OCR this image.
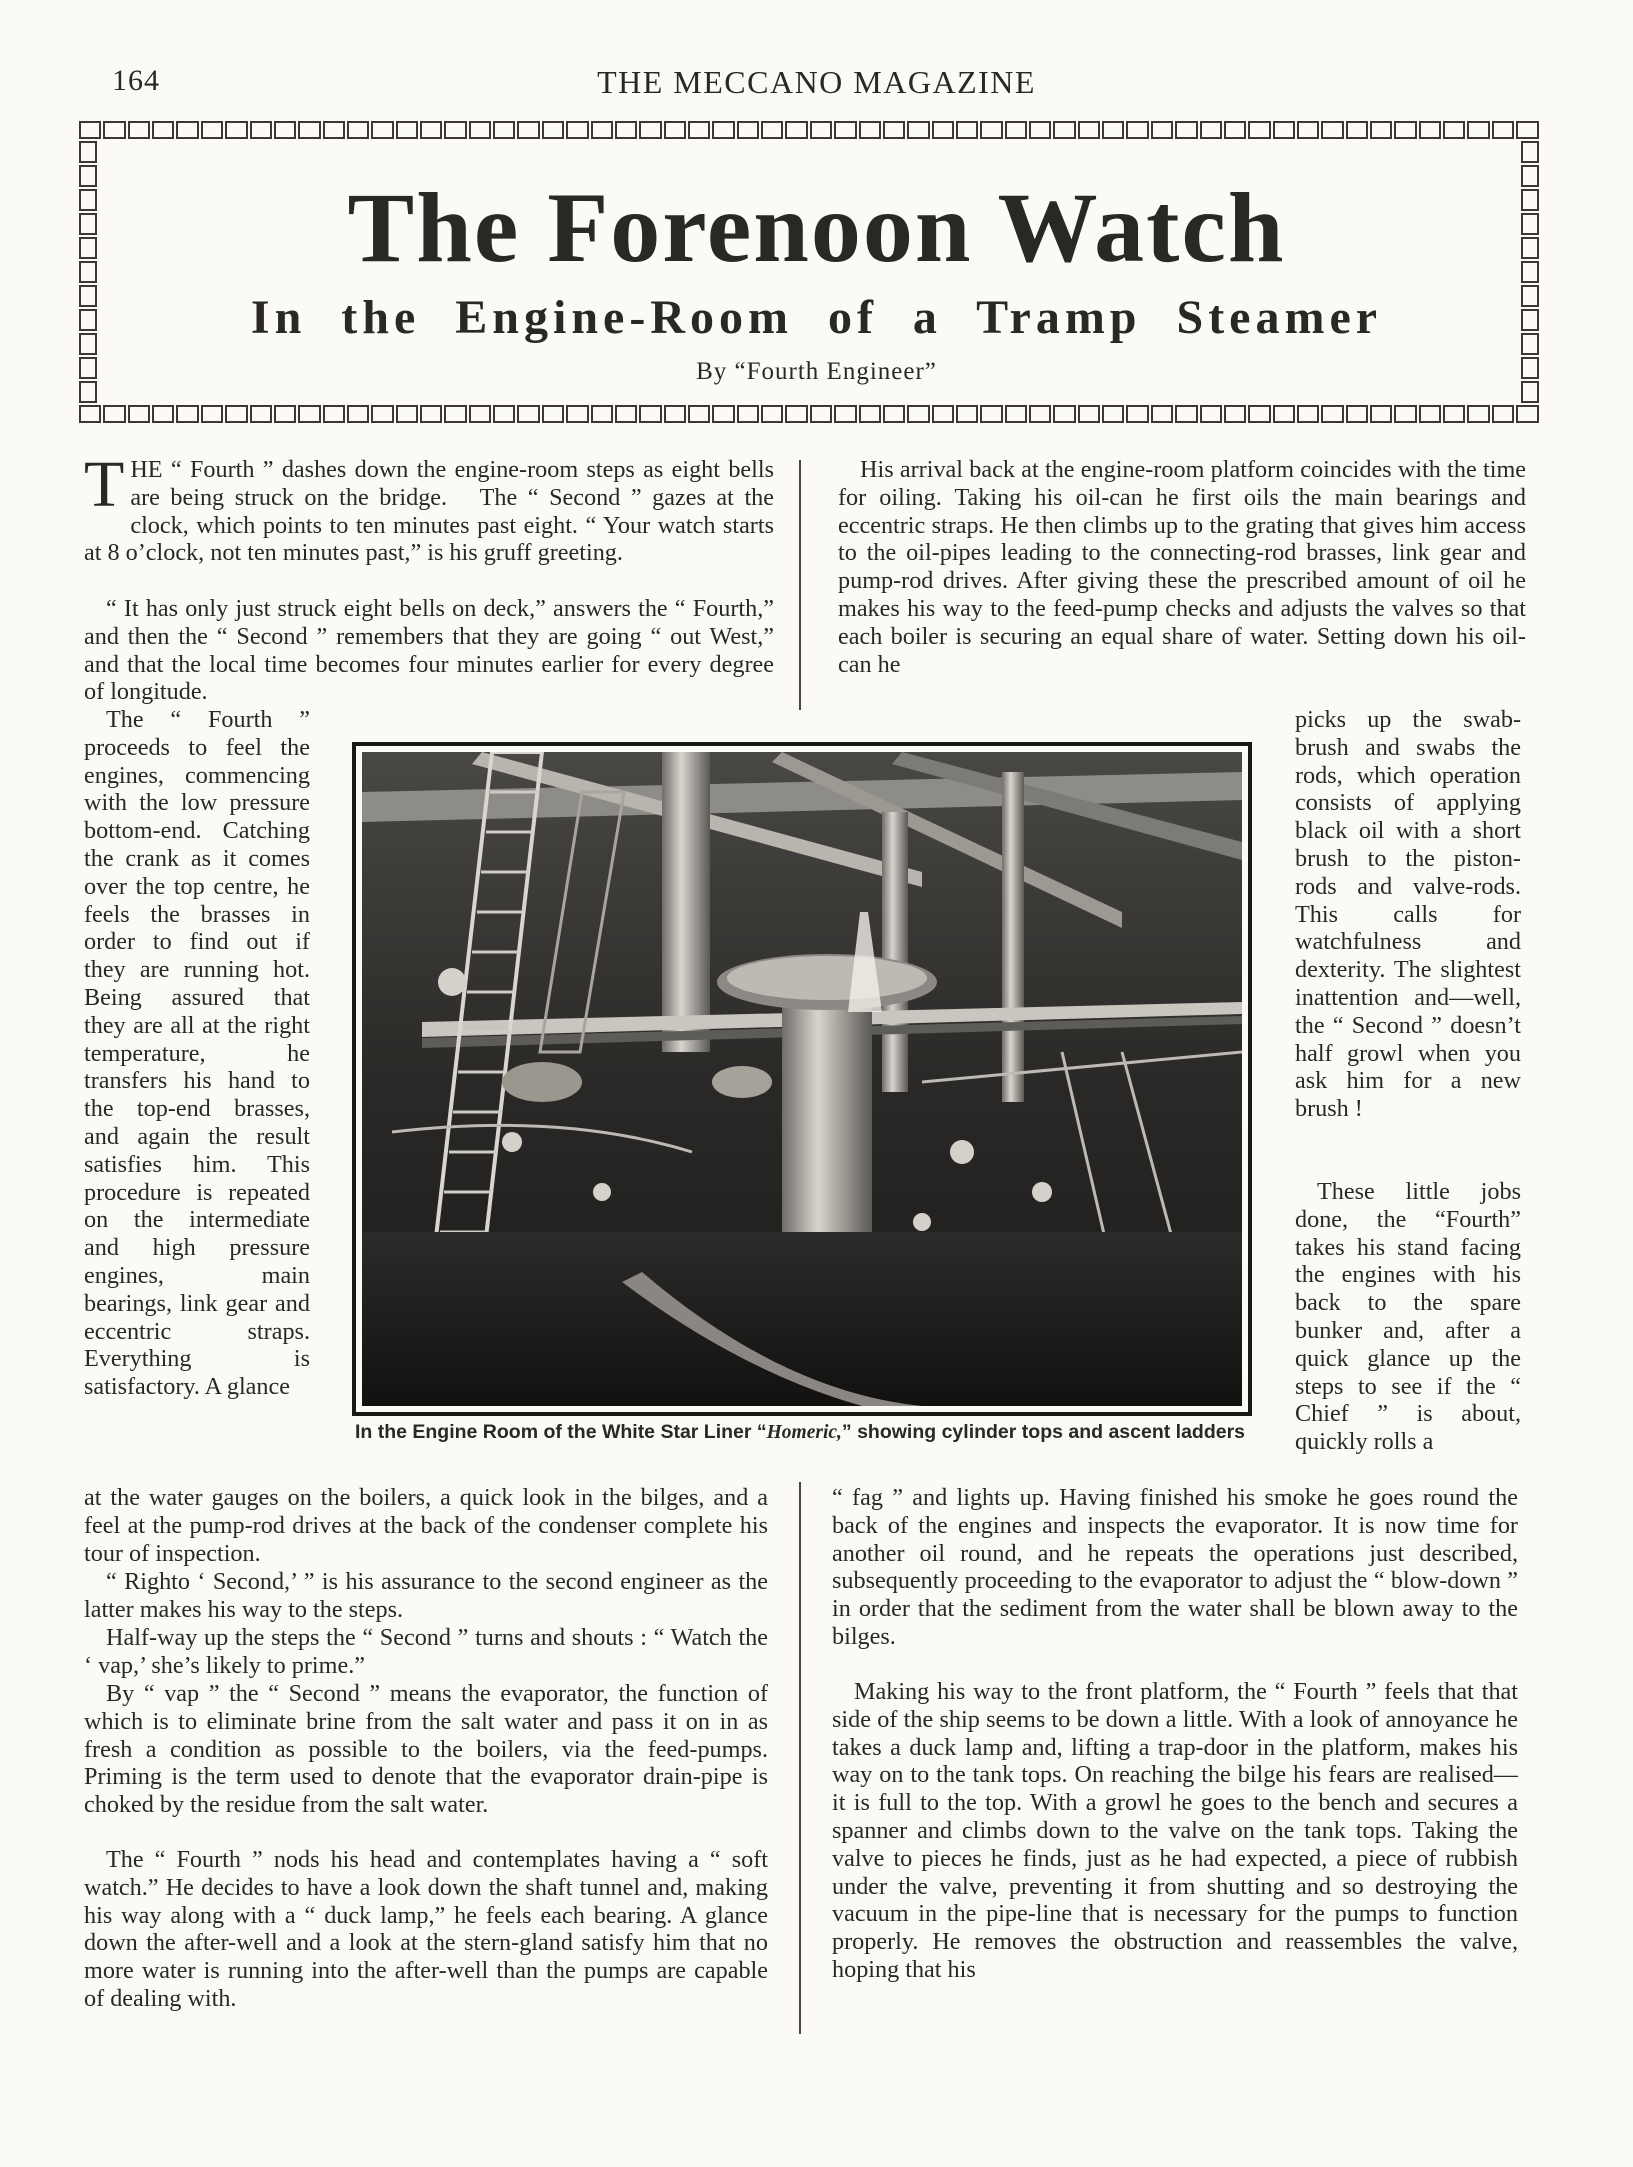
164	THE MECCANO MAGAZINE
The Forenoon Watch
In the Engine-Room of a Tramp Steamer
By “Fourth Engineer”
THE “ Fourth ” dashes down the engine-room steps as eight bells are being struck on the bridge. The “ Second ” gazes at the clock, which points to ten minutes past eight. “ Your watch starts at 8 o’clock, not ten minutes past,” is his gruff greeting.
“ It has only just struck eight bells on deck,” answers the “ Fourth,” and then the “ Second ” remembers that they are going “ out West,” and that the local time becomes four minutes earlier for every degree of longitude.
The “ Fourth ” proceeds to feel the engines, commencing with the low pressure bottom-end. Catching the crank as it comes over the top centre, he feels the brasses in order to find out if they are running hot. Being assured that they are all at the right temperature, he transfers his hand to the top-end brasses, and again the result satisfies him. This procedure is repeated on the intermediate and high pressure engines, main bearings, link gear and eccentric straps. Everything is satisfactory. A glance
at the water gauges on the boilers, a quick look in the bilges, and a feel at the pump-rod drives at the back of the condenser complete his tour of inspection.
“ Righto ‘ Second,’ ” is his assurance to the second engineer as the latter makes his way to the steps.
Half-way up the steps the “ Second ” turns and shouts : “ Watch the ‘ vap,’ she’s likely to prime.”
By “ vap ” the “ Second ” means the evaporator, the function of which is to eliminate brine from the salt water and pass it on in as fresh a condition as possible to the boilers, via the feed-pumps. Priming is the term used to denote that the evaporator drain-pipe is choked by the residue from the salt water.
The “ Fourth ” nods his head and contemplates having a “ soft watch.” He decides to have a look down the shaft tunnel and, making his way along with a “ duck lamp,” he feels each bearing. A glance down the after-well and a look at the stern-gland satisfy him that no more water is running into the after-well than the pumps are capable of dealing with.
His arrival back at the engine-room platform coincides with the time for oiling. Taking his oil-can he first oils the main bearings and eccentric straps. He then climbs up to the grating that gives him access to the oil-pipes leading to the connecting-rod brasses, link gear and pump-rod drives. After giving these the prescribed amount of oil he makes his way to the feed-pump checks and adjusts the valves so that each boiler is securing an equal share of water. Setting down his oil-can he
picks up the swab-brush and swabs the rods, which operation consists of applying black oil with a short brush to the piston-rods and valve-rods. This calls for watchfulness and dexterity. The slightest inattention and—well, the “ Second ” doesn’t half growl when you ask him for a new brush !
These little jobs done, the “Fourth” takes his stand facing the engines with his back to the spare bunker and, after a quick glance up the steps to see if the “ Chief ” is about, quickly rolls a
“ fag ” and lights up. Having finished his smoke he goes round the back of the engines and inspects the evaporator. It is now time for another oil round, and he repeats the operations just described, subsequently proceeding to the evaporator to adjust the “ blow-down ” in order that the sediment from the water shall be blown away to the bilges.
Making his way to the front platform, the “ Fourth ” feels that that side of the ship seems to be down a little. With a look of annoyance he takes a duck lamp and, lifting a trap-door in the platform, makes his way on to the tank tops. On reaching the bilge his fears are realised—it is full to the top. With a growl he goes to the bench and secures a spanner and climbs down to the valve on the tank tops. Taking the valve to pieces he finds, just as he had expected, a piece of rubbish under the valve, preventing it from shutting and so destroying the vacuum in the pipe-line that is necessary for the pumps to function properly. He removes the obstruction and reassembles the valve, hoping that his
In the Engine Room of the White Star Liner “Homeric,” showing cylinder tops and ascent ladders
